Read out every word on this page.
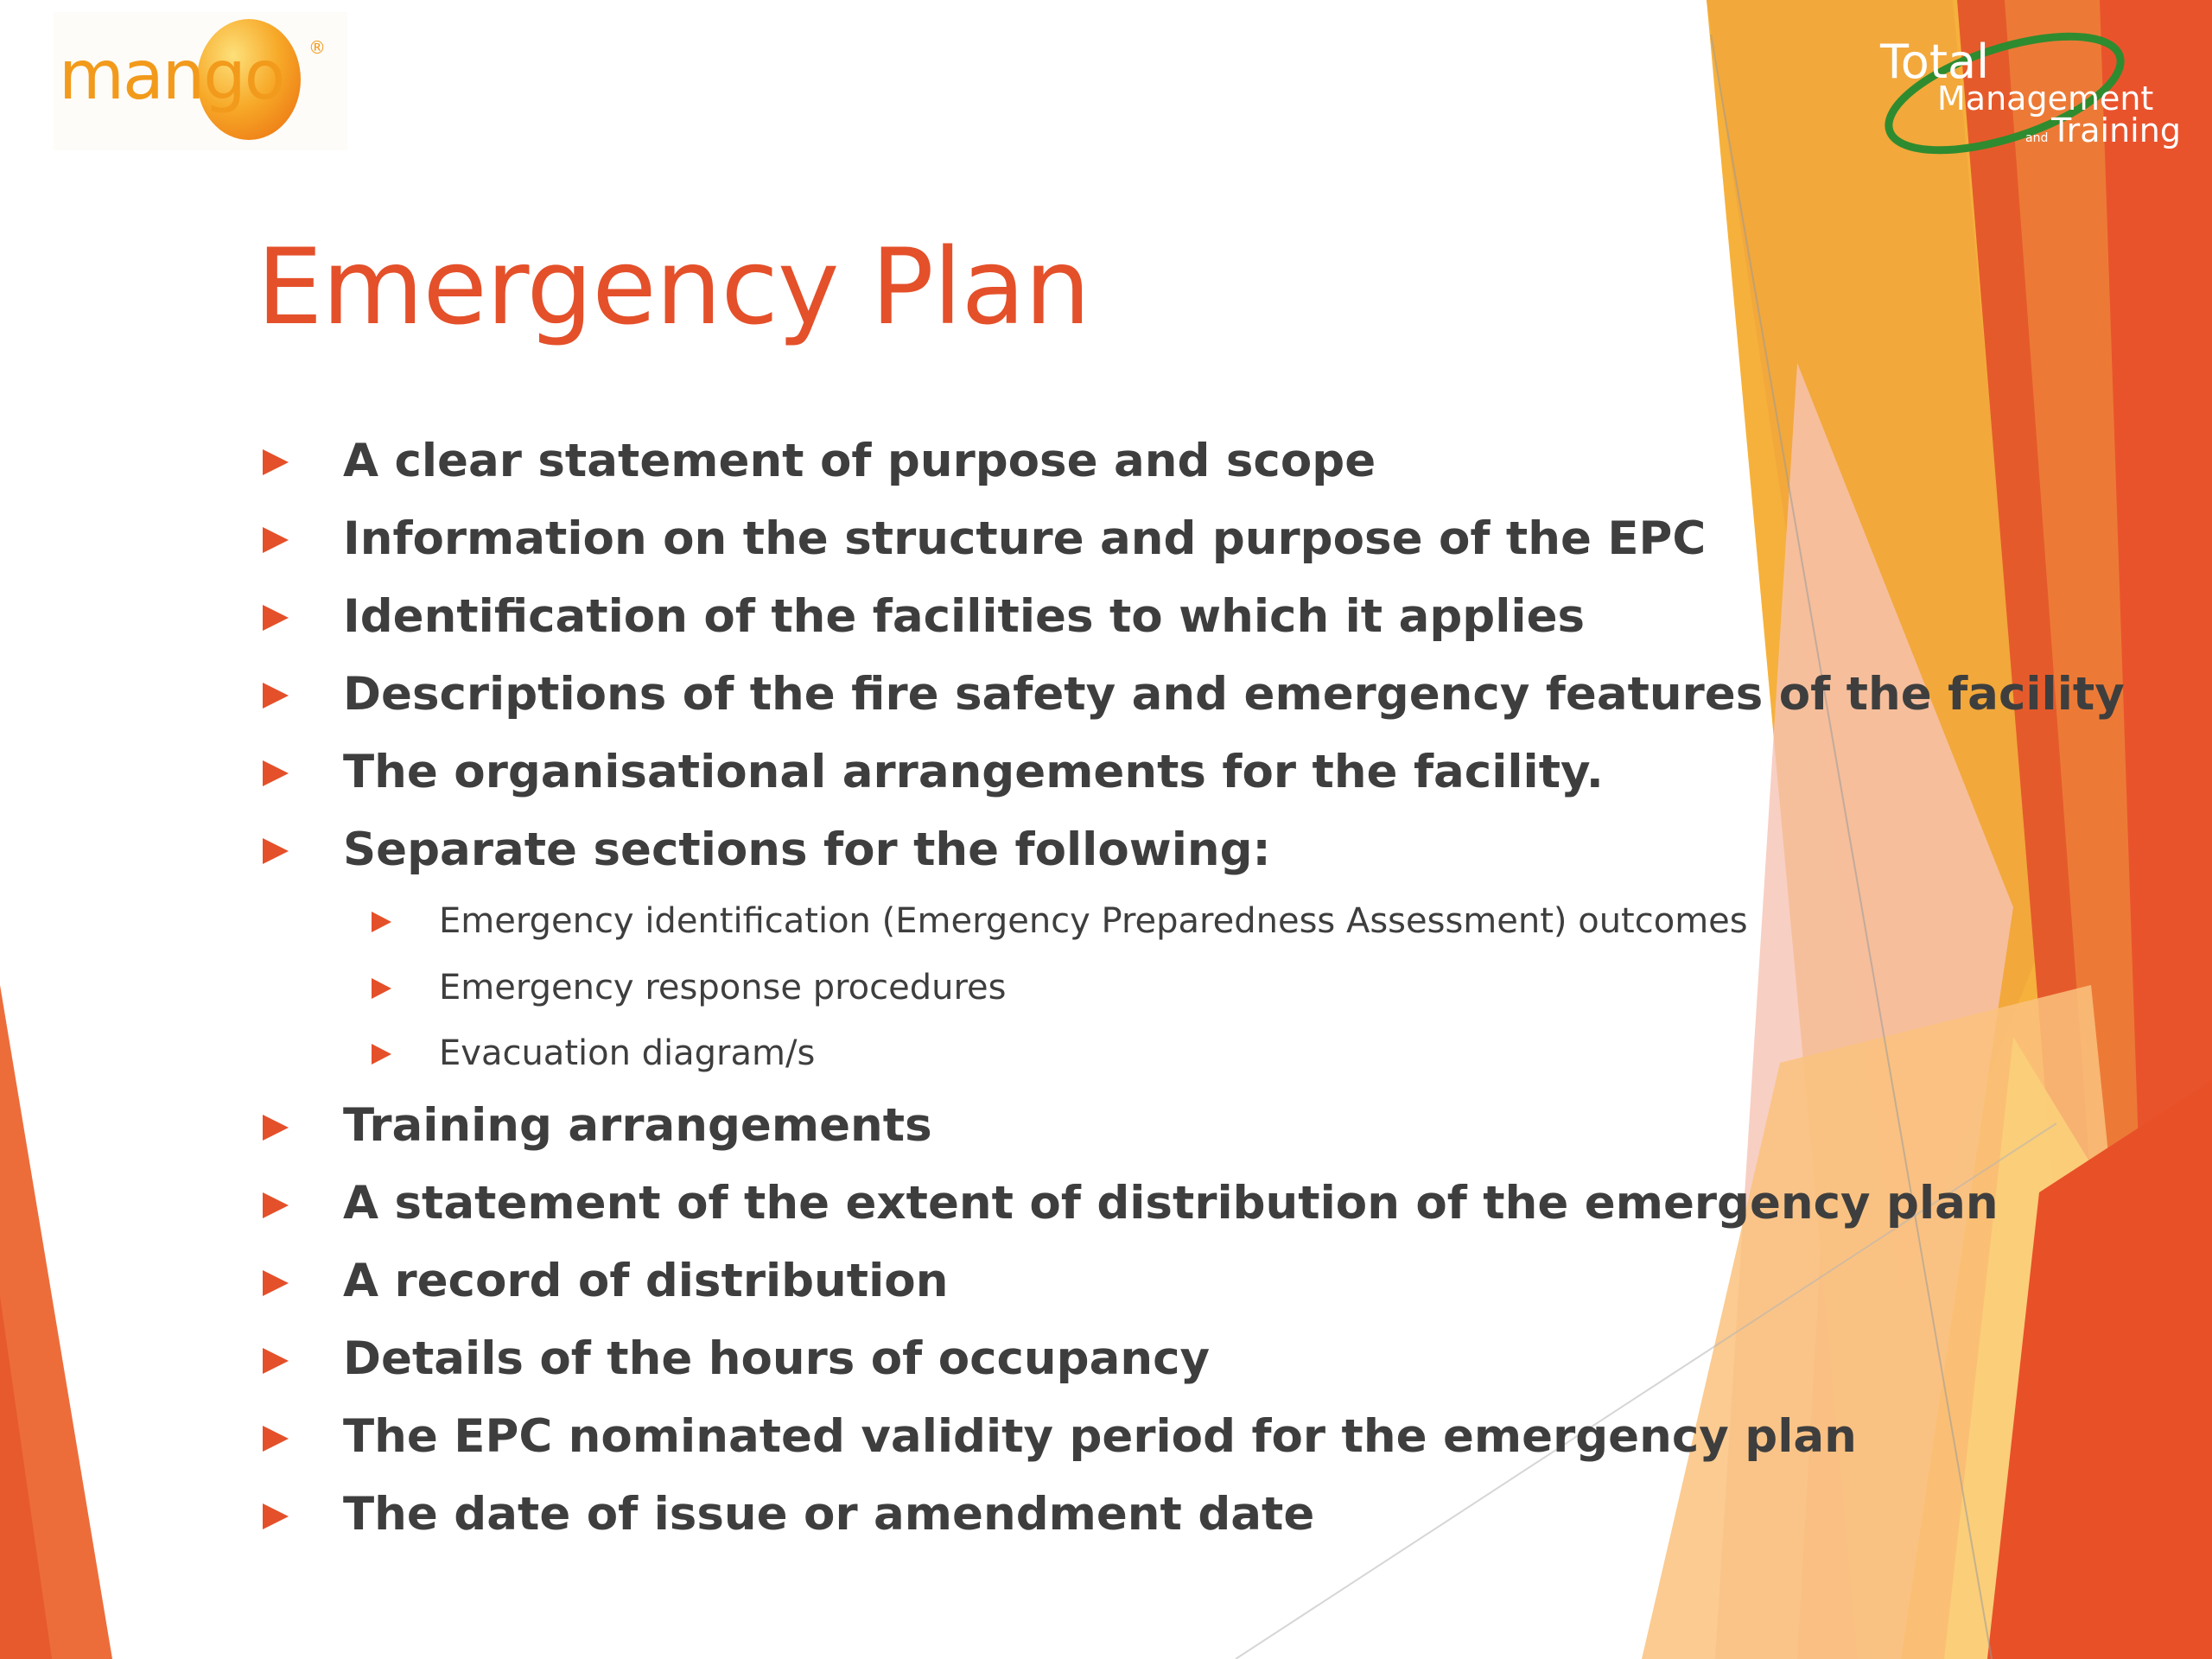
mango ®	Total
Management
and Training
Emergency Plan
A clear statement of purpose and scope
Information on the structure and purpose of the EPC
Identification of the facilities to which it applies
Descriptions of the fire safety and emergency features of the facility
The organisational arrangements for the facility.
Separate sections for the following:
Emergency identification (Emergency Preparedness Assessment) outcomes
Emergency response procedures
Evacuation diagram/s
Training arrangements
A statement of the extent of distribution of the emergency plan
A record of distribution
Details of the hours of occupancy
The EPC nominated validity period for the emergency plan
The date of issue or amendment date
